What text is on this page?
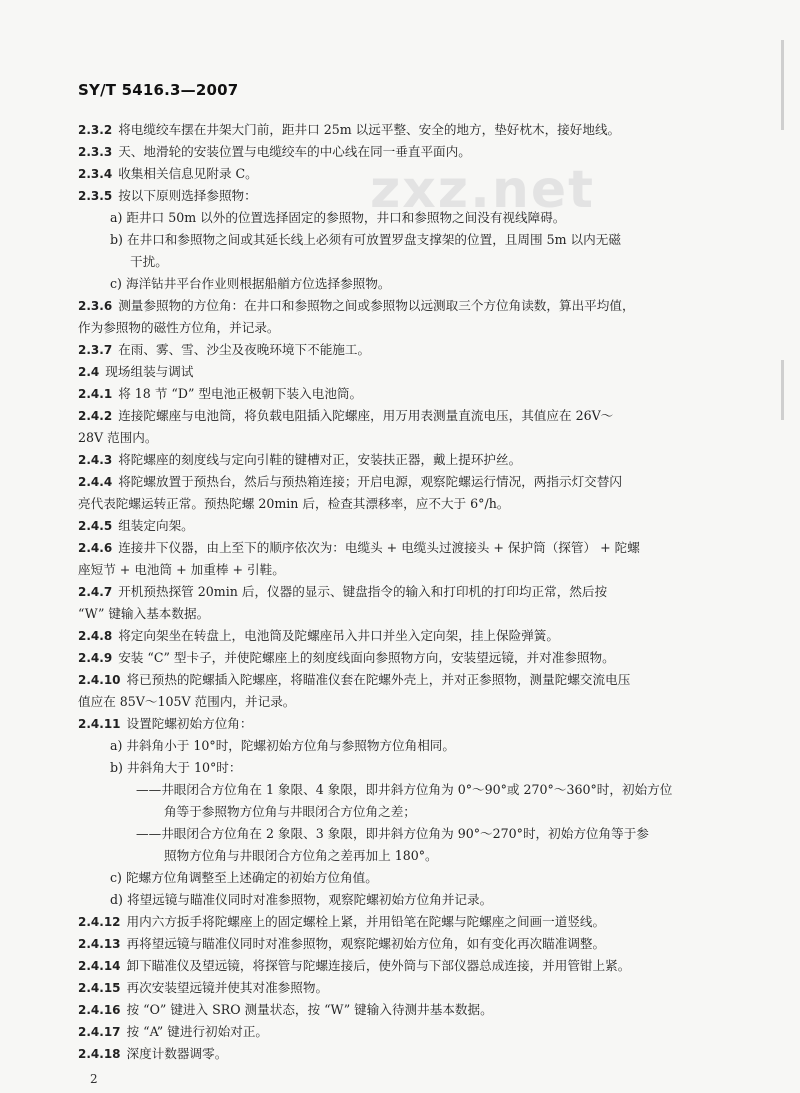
zxz.net
SY/T 5416.3—2007
2.3.2 将电缆绞车摆在井架大门前，距井口 25m 以远平整、安全的地方，垫好枕木，接好地线。
2.3.3 天、地滑轮的安装位置与电缆绞车的中心线在同一垂直平面内。
2.3.4 收集相关信息见附录 C。
2.3.5 按以下原则选择参照物：
a) 距井口 50m 以外的位置选择固定的参照物，井口和参照物之间没有视线障碍。
b) 在井口和参照物之间或其延长线上必须有可放置罗盘支撑架的位置，且周围 5m 以内无磁
干扰。
c) 海洋钻井平台作业则根据船艏方位选择参照物。
2.3.6 测量参照物的方位角：在井口和参照物之间或参照物以远测取三个方位角读数，算出平均值，
作为参照物的磁性方位角，并记录。
2.3.7 在雨、雾、雪、沙尘及夜晚环境下不能施工。
2.4 现场组装与调试
2.4.1 将 18 节 “D” 型电池正极朝下装入电池筒。
2.4.2 连接陀螺座与电池筒，将负载电阻插入陀螺座，用万用表测量直流电压，其值应在 26V～
28V 范围内。
2.4.3 将陀螺座的刻度线与定向引鞋的键槽对正，安装扶正器，戴上提环护丝。
2.4.4 将陀螺放置于预热台，然后与预热箱连接；开启电源，观察陀螺运行情况，两指示灯交替闪
亮代表陀螺运转正常。预热陀螺 20min 后，检查其漂移率，应不大于 6°/h。
2.4.5 组装定向架。
2.4.6 连接井下仪器，由上至下的顺序依次为：电缆头 + 电缆头过渡接头 + 保护筒（探管） + 陀螺
座短节 + 电池筒 + 加重棒 + 引鞋。
2.4.7 开机预热探管 20min 后，仪器的显示、键盘指令的输入和打印机的打印均正常，然后按
“W” 键输入基本数据。
2.4.8 将定向架坐在转盘上，电池筒及陀螺座吊入井口并坐入定向架，挂上保险弹簧。
2.4.9 安装 “C” 型卡子，并使陀螺座上的刻度线面向参照物方向，安装望远镜，并对准参照物。
2.4.10 将已预热的陀螺插入陀螺座，将瞄准仪套在陀螺外壳上，并对正参照物，测量陀螺交流电压
值应在 85V～105V 范围内，并记录。
2.4.11 设置陀螺初始方位角：
a) 井斜角小于 10°时，陀螺初始方位角与参照物方位角相同。
b) 井斜角大于 10°时：
——井眼闭合方位角在 1 象限、4 象限，即井斜方位角为 0°～90°或 270°～360°时，初始方位
角等于参照物方位角与井眼闭合方位角之差；
——井眼闭合方位角在 2 象限、3 象限，即井斜方位角为 90°～270°时，初始方位角等于参
照物方位角与井眼闭合方位角之差再加上 180°。
c) 陀螺方位角调整至上述确定的初始方位角值。
d) 将望远镜与瞄准仪同时对准参照物，观察陀螺初始方位角并记录。
2.4.12 用内六方扳手将陀螺座上的固定螺栓上紧，并用铅笔在陀螺与陀螺座之间画一道竖线。
2.4.13 再将望远镜与瞄准仪同时对准参照物，观察陀螺初始方位角，如有变化再次瞄准调整。
2.4.14 卸下瞄准仪及望远镜，将探管与陀螺连接后，使外筒与下部仪器总成连接，并用管钳上紧。
2.4.15 再次安装望远镜并使其对准参照物。
2.4.16 按 “O” 键进入 SRO 测量状态，按 “W” 键输入待测井基本数据。
2.4.17 按 “A” 键进行初始对正。
2.4.18 深度计数器调零。
2
